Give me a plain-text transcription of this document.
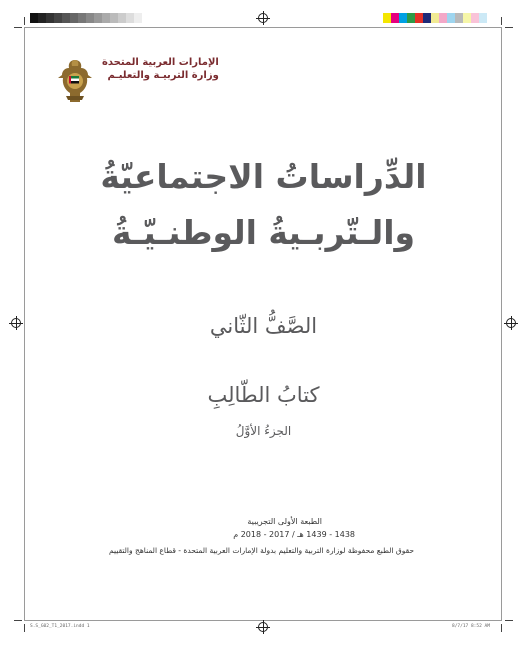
الإمارات العربية المتحدة
وزارة التربيـة والتعليـم
الدِّراساتُ الاجتماعيّةُ
والـتّربـيةُ الوطنـيّـةُ
الصَّفُّ الثّاني
كتابُ الطّالِبِ
الجزءُ الأوَّلُ
الطبعة الأولى التجريبية
1438 - 1439 هـ / 2017 - 2018 م
حقوق الطبع محفوظة لوزارة التربية والتعليم بدولة الإمارات العربية المتحدة - قطاع المناهج والتقييم
S.S_G02_T1_2017.indd 1	8/7/17 8:52 AM
